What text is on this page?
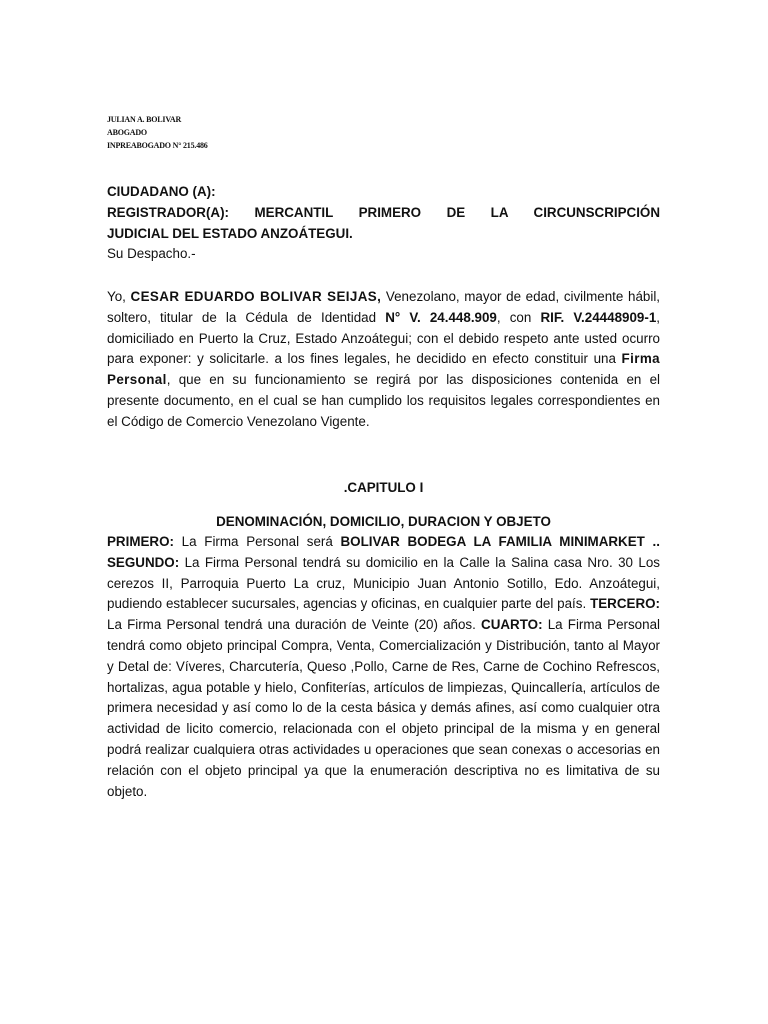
JULIAN A. BOLIVAR
ABOGADO
INPREABOGADO N° 215.486

CIUDADANO (A):

REGISTRADOR(A): MERCANTIL PRIMERO DE LA CIRCUNSCRIPCIÓN

JUDICIAL DEL ESTADO ANZOÁTEGUI.

Su Despacho.-

Yo, CESAR EDUARDO BOLIVAR SEIJAS, Venezolano, mayor de edad, civilmente hábil, soltero, titular de la Cédula de Identidad N° V. 24.448.909, con RIF. V.24448909-1, domiciliado en Puerto la Cruz, Estado Anzoátegui; con el debido respeto ante usted ocurro para exponer: y solicitarle. a los fines legales, he decidido en efecto constituir una Firma Personal, que en su funcionamiento se regirá por las disposiciones contenida en el presente documento, en el cual se han cumplido los requisitos legales correspondientes en el Código de Comercio Venezolano Vigente.

.CAPITULO I
DENOMINACIÓN, DOMICILIO, DURACION Y OBJETO

PRIMERO: La Firma Personal será BOLIVAR BODEGA LA FAMILIA MINIMARKET .. SEGUNDO: La Firma Personal tendrá su domicilio en la Calle la Salina casa Nro. 30 Los cerezos II, Parroquia Puerto La cruz, Municipio Juan Antonio Sotillo, Edo. Anzoátegui, pudiendo establecer sucursales, agencias y oficinas, en cualquier parte del país. TERCERO: La Firma Personal tendrá una duración de Veinte (20) años. CUARTO: La Firma Personal tendrá como objeto principal Compra, Venta, Comercialización y Distribución, tanto al Mayor y Detal de: Víveres, Charcutería, Queso ,Pollo, Carne de Res, Carne de Cochino Refrescos, hortalizas, agua potable y hielo, Confiterías, artículos de limpiezas, Quincallería, artículos de primera necesidad y así como lo de la cesta básica y demás afines, así como cualquier otra actividad de licito comercio, relacionada con el objeto principal de la misma y en general podrá realizar cualquiera otras actividades u operaciones que sean conexas o accesorias en relación con el objeto principal ya que la enumeración descriptiva no es limitativa de su objeto.
